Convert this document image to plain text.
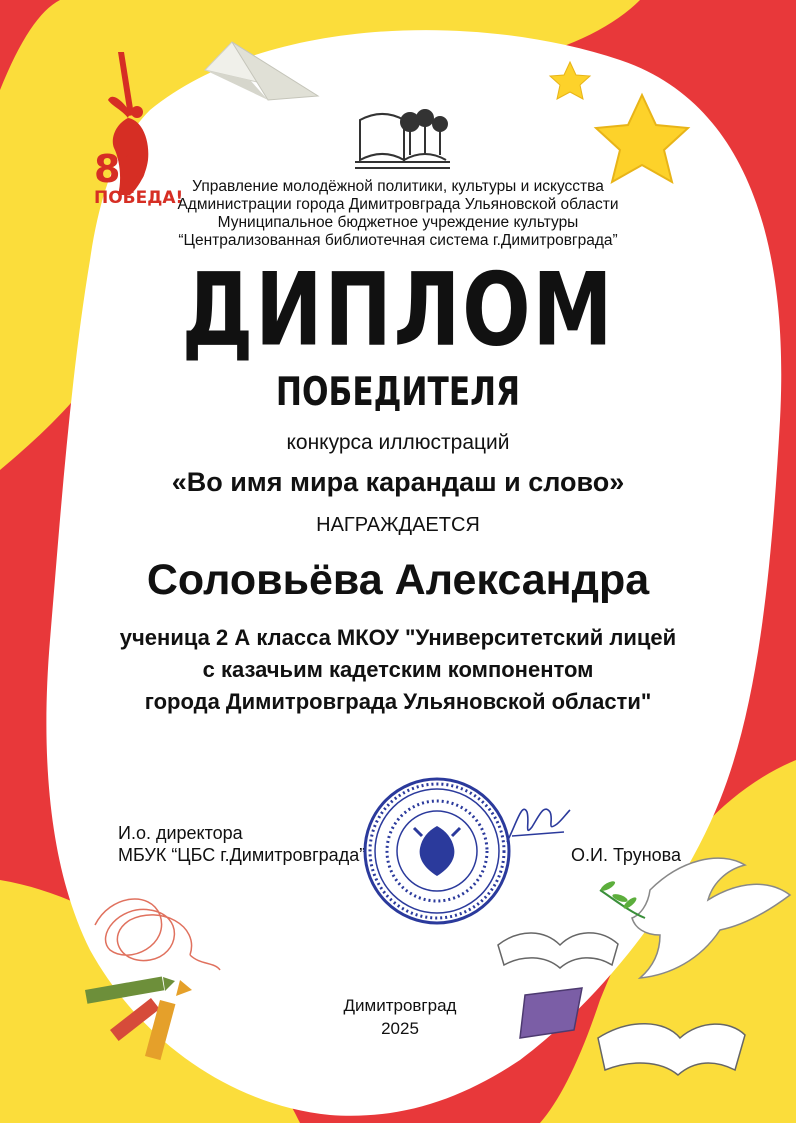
80
ПОБЕДА!
Управление молодёжной политики, культуры и искусства
Администрации города Димитровграда Ульяновской области
Муниципальное бюджетное учреждение культуры
“Централизованная библиотечная система г.Димитровграда”
ДИПЛОМ
ПОБЕДИТЕЛЯ
конкурса иллюстраций
«Во имя мира карандаш и слово»
НАГРАЖДАЕТСЯ
Соловьёва Александра
ученица 2 А класса МКОУ "Университетский лицей
с казачьим кадетским компонентом
города Димитровграда Ульяновской области"
И.о. директора
МБУК “ЦБС г.Димитровграда”	О.И. Трунова
Димитровград
2025
